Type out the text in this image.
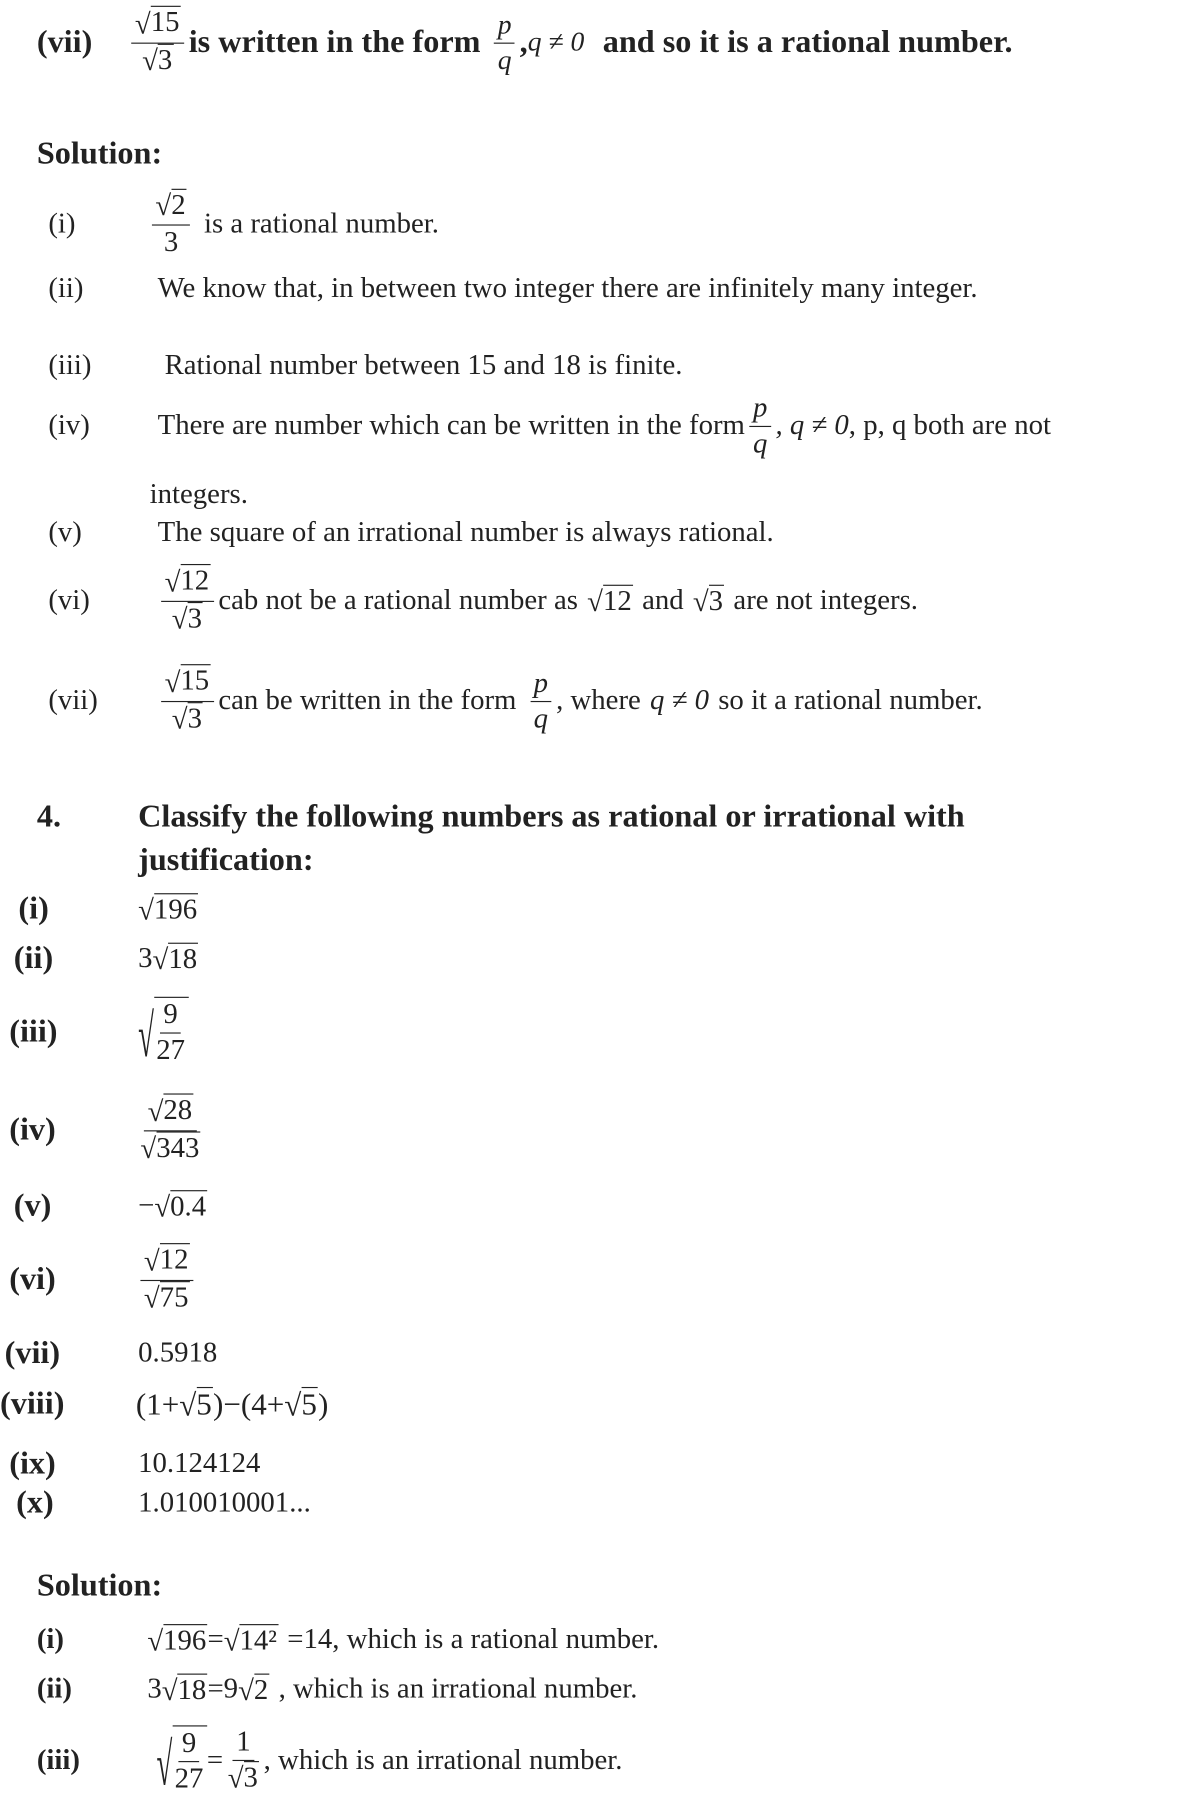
(vii) √ 15
√ 3 is written in the form $\frac{p}{q}$ , q ≠ 0 and so it is a rational number.
Solution:
(i)	√ $\frac{2}{3}$ is a rational number.
(ii)	We know that, in between two integer there are infinitely many integer.
(iii)	Rational number between 15 and 18 is finite.
(iv)	There are number which can be written in the form $\frac{p}{q}$ , q ≠ 0 , p, q both are not
integers.
(v)	The square of an irrational number is always rational.
(vi)	√ 12
√ 3 cab not be a rational number as √ 12 and √ 3 are not integers.
(vii)	√ 15
√ 3 can be written in the form $\frac{p}{q}$ , where q ≠ 0 so it a rational number.
4.	Classify the following numbers as rational or irrational with
justification:
(i)	√ 196
(ii)	3 √ 18
(iii)	√ $\frac{9}{27}$
(iv)	√ 28
√ 343
(v)	− √ 0.4
(vi)	√ 12
√ 75
(vii)	0.5918
(viii)	(1+ √ 5 )−(4+ √ 5 )
(ix)	10.124124
(x)	1.010010001...
Solution:
(i)	√ 196 = √ 14² =14 , which is a rational number.
(ii)	3 √ 18 =9 √ 2 , which is an irrational number.
(iii)	√ $\frac{9}{27} = 1$
√ 3 , which is an irrational number.
